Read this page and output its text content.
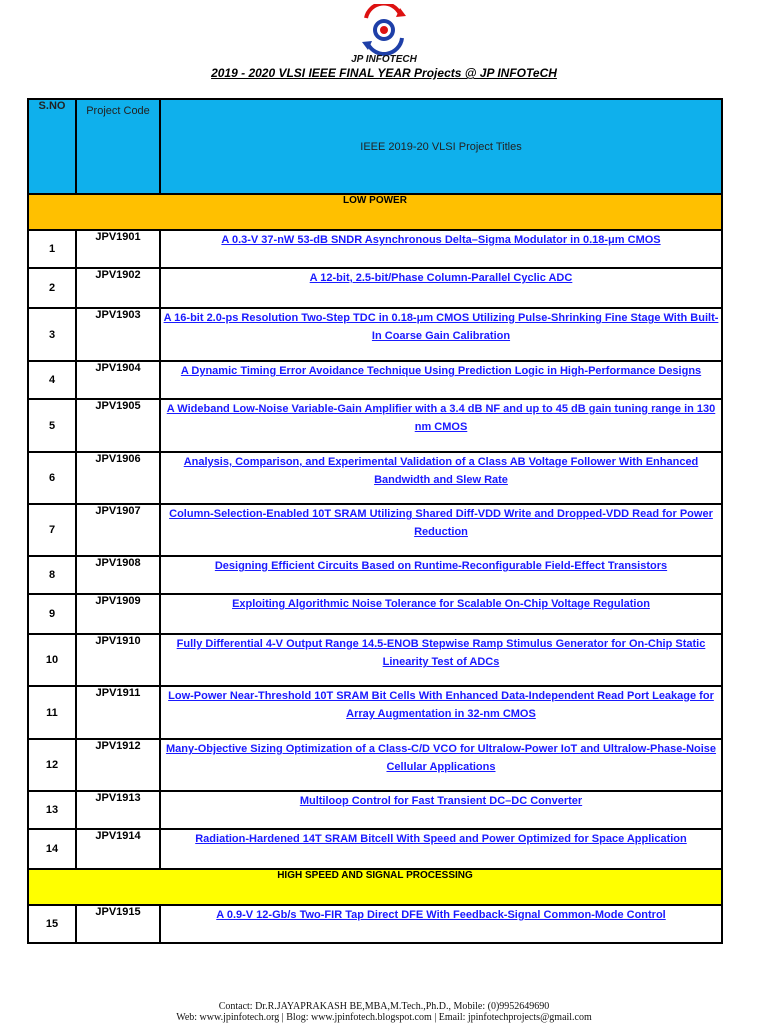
JP INFOTECH
2019 - 2020 VLSI IEEE FINAL YEAR Projects @ JP INFOTeCH
S.NO	Project Code	IEEE 2019-20 VLSI Project Titles
LOW POWER		
1	JPV1901	A 0.3-V 37-nW 53-dB SNDR Asynchronous Delta–Sigma Modulator in 0.18-μm CMOS
2	JPV1902	A 12-bit, 2.5-bit/Phase Column-Parallel Cyclic ADC
3	JPV1903	A 16-bit 2.0-ps Resolution Two-Step TDC in 0.18-μm CMOS Utilizing Pulse-Shrinking Fine Stage With Built-In Coarse Gain Calibration
4	JPV1904	A Dynamic Timing Error Avoidance Technique Using Prediction Logic in High-Performance Designs
5	JPV1905	A Wideband Low-Noise Variable-Gain Amplifier with a 3.4 dB NF and up to 45 dB gain tuning range in 130 nm CMOS
6	JPV1906	Analysis, Comparison, and Experimental Validation of a Class AB Voltage Follower With Enhanced Bandwidth and Slew Rate
7	JPV1907	Column-Selection-Enabled 10T SRAM Utilizing Shared Diff-VDD Write and Dropped-VDD Read for Power Reduction
8	JPV1908	Designing Efficient Circuits Based on Runtime-Reconfigurable Field-Effect Transistors
9	JPV1909	Exploiting Algorithmic Noise Tolerance for Scalable On-Chip Voltage Regulation
10	JPV1910	Fully Differential 4-V Output Range 14.5-ENOB Stepwise Ramp Stimulus Generator for On-Chip Static Linearity Test of ADCs
11	JPV1911	Low-Power Near-Threshold 10T SRAM Bit Cells With Enhanced Data-Independent Read Port Leakage for Array Augmentation in 32-nm CMOS
12	JPV1912	Many-Objective Sizing Optimization of a Class-C/D VCO for Ultralow-Power IoT and Ultralow-Phase-Noise Cellular Applications
13	JPV1913	Multiloop Control for Fast Transient DC–DC Converter
14	JPV1914	Radiation-Hardened 14T SRAM Bitcell With Speed and Power Optimized for Space Application
HIGH SPEED AND SIGNAL PROCESSING		
15	JPV1915	A 0.9-V 12-Gb/s Two-FIR Tap Direct DFE With Feedback-Signal Common-Mode Control
Contact: Dr.R.JAYAPRAKASH BE,MBA,M.Tech.,Ph.D., Mobile: (0)9952649690
Web: www.jpinfotech.org | Blog: www.jpinfotech.blogspot.com | Email: jpinfotechprojects@gmail.com
